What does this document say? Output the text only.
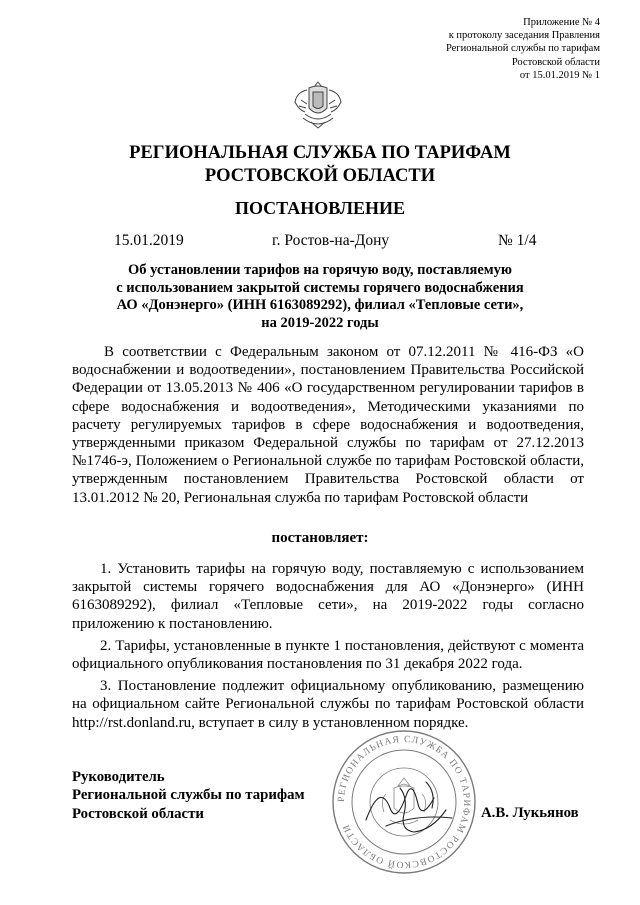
Приложение № 4
к протоколу заседания Правления
Региональной службы по тарифам
Ростовской области
от 15.01.2019 № 1
РЕГИОНАЛЬНАЯ СЛУЖБА ПО ТАРИФАМ
РОСТОВСКОЙ ОБЛАСТИ
ПОСТАНОВЛЕНИЕ
15.01.2019	г. Ростов-на-Дону	№ 1/4
Об установлении тарифов на горячую воду, поставляемую
с использованием закрытой системы горячего водоснабжения
АО «Донэнерго» (ИНН 6163089292), филиал «Тепловые сети»,
на 2019-2022 годы
В соответствии с Федеральным законом от 07.12.2011 № 416-ФЗ «О водоснабжении и водоотведении», постановлением Правительства Российской Федерации от 13.05.2013 № 406 «О государственном регулировании тарифов в сфере водоснабжения и водоотведения», Методическими указаниями по расчету регулируемых тарифов в сфере водоснабжения и водоотведения, утвержденными приказом Федеральной службы по тарифам от 27.12.2013 №1746-э, Положением о Региональной службе по тарифам Ростовской области, утвержденным постановлением Правительства Ростовской области от 13.01.2012 № 20, Региональная служба по тарифам Ростовской области
постановляет:

1. Установить тарифы на горячую воду, поставляемую с использованием закрытой системы горячего водоснабжения для АО «Донэнерго» (ИНН 6163089292), филиал «Тепловые сети», на 2019-2022 годы согласно приложению к постановлению.

2. Тарифы, установленные в пункте 1 постановления, действуют с момента официального опубликования постановления по 31 декабря 2022 года.

3. Постановление подлежит официальному опубликованию, размещению на официальном сайте Региональной службы по тарифам Ростовской области http://rst.donland.ru, вступает в силу в установленном порядке.

РЕГИОНАЛЬНАЯ СЛУЖБА ПО ТАРИФАМ РОСТОВСКОЙ ОБЛАСТИ
Руководитель
Региональной службы по тарифам
Ростовской области	А.В. Лукьянов
